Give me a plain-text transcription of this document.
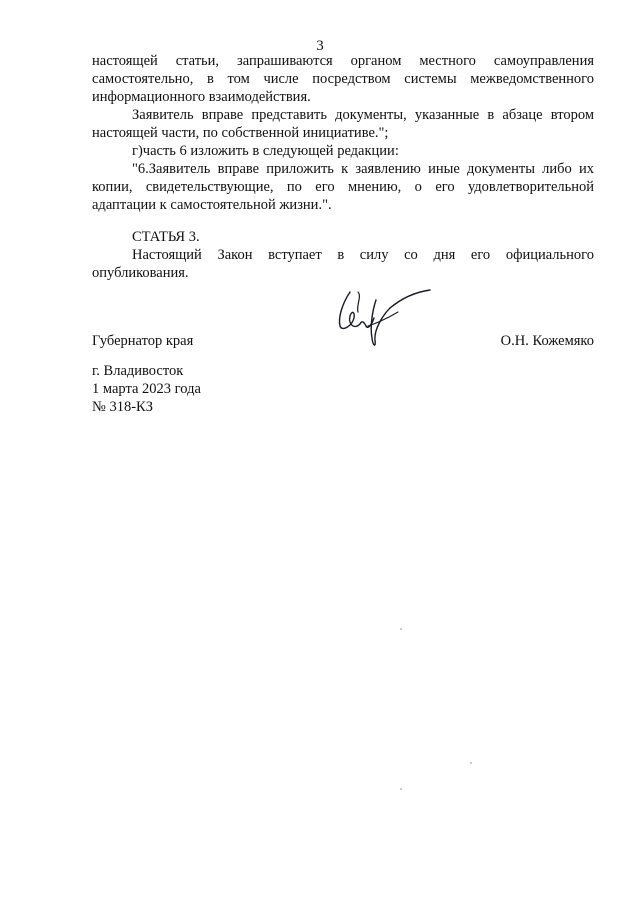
3

настоящей статьи, запрашиваются органом местного самоуправления

самостоятельно, в том числе посредством системы межведомственного

информационного взаимодействия.

Заявитель вправе представить документы, указанные в абзаце втором

настоящей части, по собственной инициативе.";

г)часть 6 изложить в следующей редакции:

"6.Заявитель вправе приложить к заявлению иные документы либо их

копии, свидетельствующие, по его мнению, о его удовлетворительной

адаптации к самостоятельной жизни.".

СТАТЬЯ 3.

Настоящий Закон вступает в силу со дня его официального

опубликования.

Губернатор края	О.Н. Кожемяко
г. Владивосток
1 марта 2023 года
№ 318-КЗ
